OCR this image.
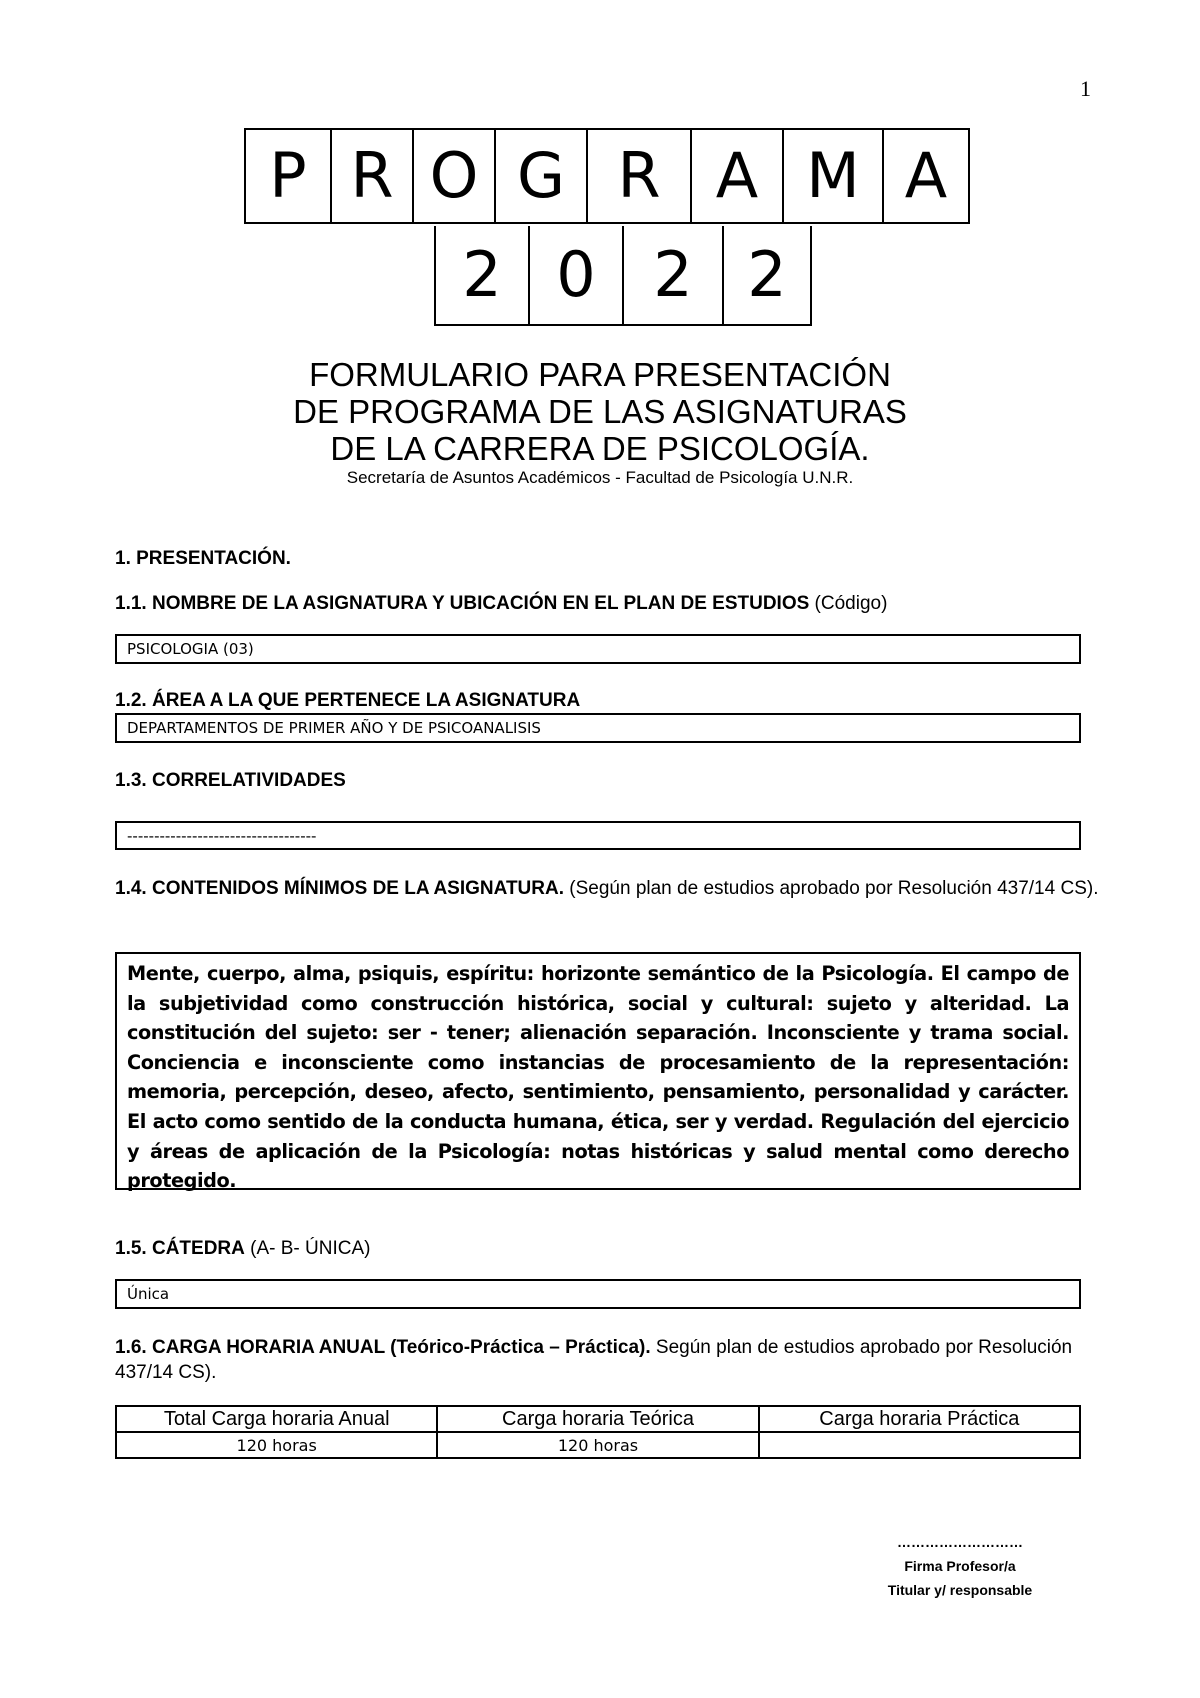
1
P R O G R A M A
2 0 2 2
FORMULARIO PARA PRESENTACIÓN
DE PROGRAMA DE LAS ASIGNATURAS
DE LA CARRERA DE PSICOLOGÍA.
Secretaría de Asuntos Académicos - Facultad de Psicología U.N.R.
1. PRESENTACIÓN.
1.1. NOMBRE DE LA ASIGNATURA Y UBICACIÓN EN EL PLAN DE ESTUDIOS (Código)
PSICOLOGIA (03)
1.2. ÁREA A LA QUE PERTENECE LA ASIGNATURA
DEPARTAMENTOS DE PRIMER AÑO Y DE PSICOANALISIS
1.3. CORRELATIVIDADES
-----------------------------------
1.4. CONTENIDOS MÍNIMOS DE LA ASIGNATURA. (Según plan de estudios aprobado por Resolución 437/14 CS).
Mente, cuerpo, alma, psiquis, espíritu: horizonte semántico de la Psicología. El campo de la subjetividad como construcción histórica, social y cultural: sujeto y alteridad. La constitución del sujeto: ser - tener; alienación separación. Inconsciente y trama social. Conciencia e inconsciente como instancias de procesamiento de la representación: memoria, percepción, deseo, afecto, sentimiento, pensamiento, personalidad y carácter. El acto como sentido de la conducta humana, ética, ser y verdad. Regulación del ejercicio y áreas de aplicación de la Psicología: notas históricas y salud mental como derecho protegido.
1.5. CÁTEDRA (A- B- ÚNICA)
Única
1.6. CARGA HORARIA ANUAL (Teórico-Práctica – Práctica). Según plan de estudios aprobado por Resolución 437/14 CS).
Total Carga horaria Anual	Carga horaria Teórica	Carga horaria Práctica
120 horas	120 horas	
………………………
Firma Profesor/a
Titular y/ responsable
